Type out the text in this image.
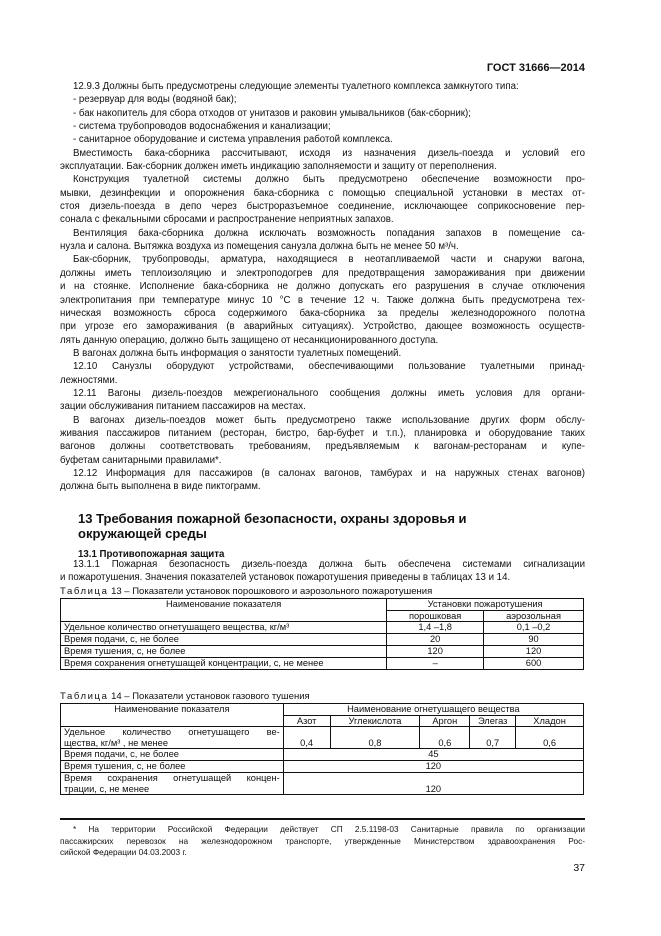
ГОСТ 31666—2014
12.9.3 Должны быть предусмотрены следующие элементы туалетного комплекса замкнутого типа:
- резервуар для воды (водяной бак);
- бак накопитель для сбора отходов от унитазов и раковин умывальников (бак-сборник);
- система трубопроводов водоснабжения и канализации;
- санитарное оборудование и система управления работой комплекса.
Вместимость бака-сборника рассчитывают, исходя из назначения дизель-поезда и условий его
эксплуатации. Бак-сборник должен иметь индикацию заполняемости и защиту от переполнения.
Конструкция туалетной системы должно быть предусмотрено обеспечение возможности про-
мывки, дезинфекции и опорожнения бака-сборника с помощью специальной установки в местах от-
стоя дизель-поезда в депо через быстроразъемное соединение, исключающее соприкосновение пер-
сонала с фекальными сбросами и распространение неприятных запахов.
Вентиляция бака-сборника должна исключать возможность попадания запахов в помещение са-
нузла и салона. Вытяжка воздуха из помещения санузла должна быть не менее 50 м³/ч.
Бак-сборник, трубопроводы, арматура, находящиеся в неотапливаемой части и снаружи вагона,
должны иметь теплоизоляцию и электроподогрев для предотвращения замораживания при движении
и на стоянке. Исполнение бака-сборника не должно допускать его разрушения в случае отключения
электропитания при температуре минус 10 °С в течение 12 ч. Также должна быть предусмотрена тех-
ническая возможность сброса содержимого бака-сборника за пределы железнодорожного полотна
при угрозе его замораживания (в аварийных ситуациях). Устройство, дающее возможность осуществ-
лять данную операцию, должно быть защищено от несанкционированного доступа.
В вагонах должна быть информация о занятости туалетных помещений.
12.10 Санузлы оборудуют устройствами, обеспечивающими пользование туалетными принад-
лежностями.
12.11 Вагоны дизель-поездов межрегионального сообщения должны иметь условия для органи-
зации обслуживания питанием пассажиров на местах.
В вагонах дизель-поездов может быть предусмотрено также использование других форм обслу-
живания пассажиров питанием (ресторан, бистро, бар-буфет и т.п.), планировка и оборудование таких
вагонов должны соответствовать требованиям, предъявляемым к вагонам-ресторанам и купе-
буфетам санитарными правилами*.
12.12 Информация для пассажиров (в салонах вагонов, тамбурах и на наружных стенах вагонов)
должна быть выполнена в виде пиктограмм.
13 Требования пожарной безопасности, охраны здоровья и
окружающей среды
13.1 Противопожарная защита
13.1.1 Пожарная безопасность дизель-поезда должна быть обеспечена системами сигнализации
и пожаротушения. Значения показателей установок пожаротушения приведены в таблицах 13 и 14.
Таблица 13 – Показатели установок порошкового и аэрозольного пожаротушения
Наименование показателя	Установки пожаротушения	
	порошковая	аэрозольная
Удельное количество огнетушащего вещества, кг/м³	1,4 –1,8	0,1 –0,2
Время подачи, с, не более	20	90
Время тушения, с, не более	120	120
Время сохранения огнетушащей концентрации, с, не менее	–	600
Таблица 14 – Показатели установок газового тушения
Наименование показателя	Наименование огнетушащего вещества				
	Азот	Углекислота	Аргон	Элегаз	Хладон

Удельное количество огнетушащего ве-
щества, кг/м³ , не менее	0,4	0,8	0,6	0,7	0,6
Время подачи, с, не более	45				
Время тушения, с, не более	120				

Время сохранения огнетушащей концен-
трации, с, не менее	120				
* На территории Российской Федерации действует СП 2.5.1198-03 Санитарные правила по организации
пассажирских перевозок на железнодорожном транспорте, утвержденные Министерством здравоохранения Рос-
сийской Федерации 04.03.2003 г.
37
